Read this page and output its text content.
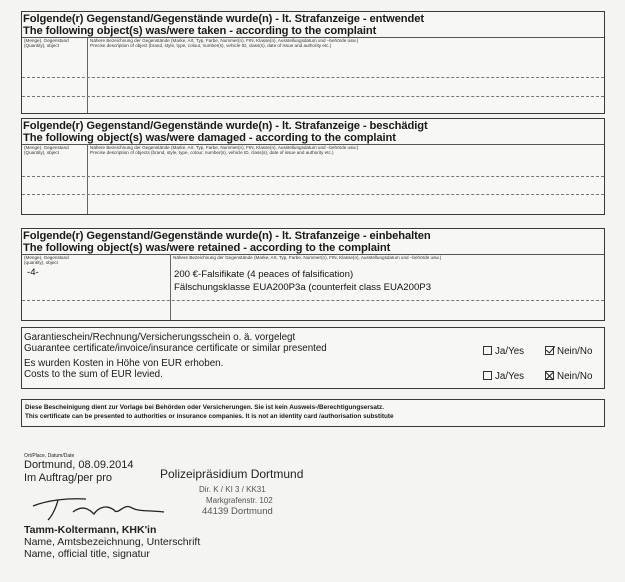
Folgende(r) Gegenstand/Gegenstände wurde(n) - lt. Strafanzeige - entwendet
The following object(s) was/were taken - according to the complaint
(Menge), Gegenstand
(Quantity), object
Nähere Bezeichnung der Gegenstände (Marke, Art, Typ, Farbe, Nummer(n), FIN, Klasse(n), Ausstellungsdatum und –behörde usw.)
Precise description of object (brand, style, type, colour, number(s), vehicle ID, class(s), date of issue and authority etc.)
Folgende(r) Gegenstand/Gegenstände wurde(n) - lt. Strafanzeige - beschädigt
The following object(s) was/were damaged - according to the complaint
(Menge), Gegenstand
(Quantity), object
Nähere Bezeichnung der Gegenstände (Marke, Art, Typ, Farbe, Nummer(n), FIN, Klasse(n), Ausstellungsdatum und –behörde usw.)
Precise description of objects (brand, style, type, colour, number(s), vehicle ID, class(s), date of issue and authority etc.)
Folgende(r) Gegenstand/Gegenstände wurde(n) - lt. Strafanzeige - einbehalten
The following object(s) was/were retained - according to the complaint
(Menge), Gegenstand
(quantity), object
Nähere Bezeichnung der Gegenstände (Marke, Art, Typ, Farbe, Nummer(n), FIN, Klasse(n), Ausstellungsdatum und –behörde usw.)
-4-	200 €-Falsifikate (4 peaces of falsification)
Fälschungsklasse EUA200P3a (counterfeit class EUA200P3
Garantieschein/Rechnung/Versicherungsschein o. ä. vorgelegt
Guarantee certificate/invoice/insurance certificate or similar presented
Es wurden Kosten in Höhe von EUR erhoben.
Costs to the sum of EUR levied.
Ja/Yes	Nein/No
Ja/Yes	Nein/No
Diese Bescheinigung dient zur Vorlage bei Behörden oder Versicherungen. Sie ist kein Ausweis-/Berechtigungsersatz.
This certificate can be presented to authorities or insurance companies. It is not an identity card /authorisation substitute
Ort/Place, Datum/Date
Dortmund, 08.09.2014
Im Auftrag/per pro	Polizeipräsidium Dortmund
Dir. K / KI 3 / KK31
Markgrafenstr. 102
44139 Dortmund
Tamm-Koltermann, KHK'in
Name, Amtsbezeichnung, Unterschrift
Name, official title, signatur
